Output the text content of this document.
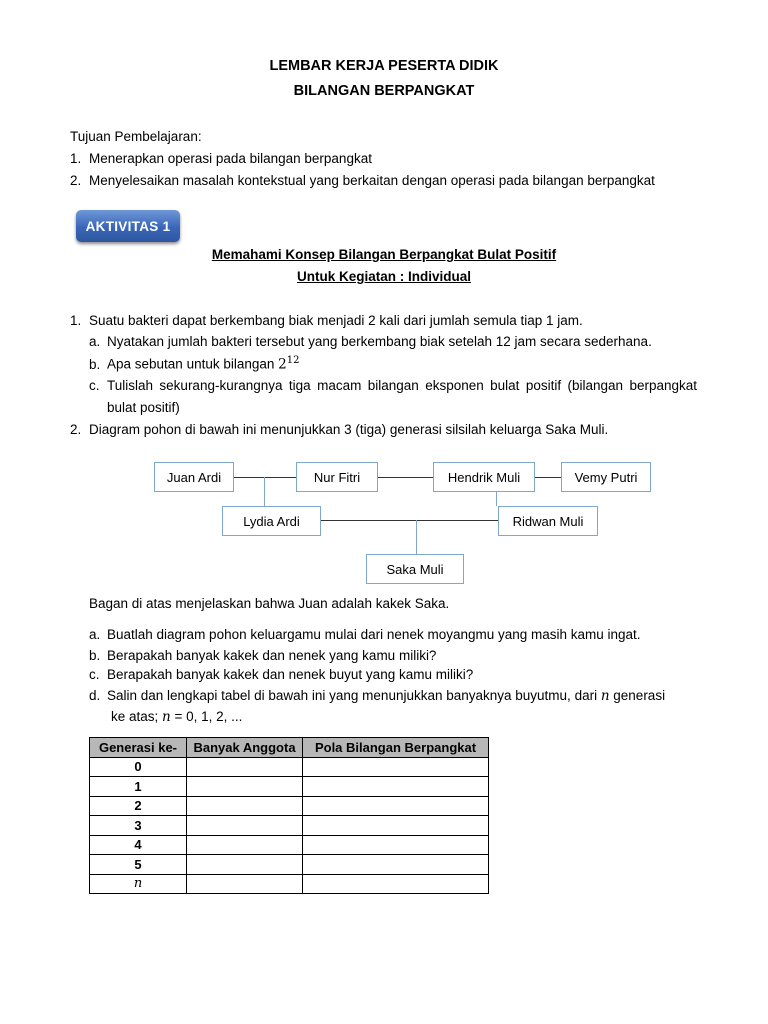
LEMBAR KERJA PESERTA DIDIK
BILANGAN BERPANGKAT
Tujuan Pembelajaran:
1. Menerapkan operasi pada bilangan berpangkat
2. Menyelesaikan masalah kontekstual yang berkaitan dengan operasi pada bilangan berpangkat
AKTIVITAS 1
Memahami Konsep Bilangan Berpangkat Bulat Positif
Untuk Kegiatan : Individual
1. Suatu bakteri dapat berkembang biak menjadi 2 kali dari jumlah semula tiap 1 jam.
a. Nyatakan jumlah bakteri tersebut yang berkembang biak setelah 12 jam secara sederhana.
b. Apa sebutan untuk bilangan $2^{12}$
c. Tulislah sekurang-kurangnya tiga macam bilangan eksponen bulat positif (bilangan berpangkat
bulat positif)
2. Diagram pohon di bawah ini menunjukkan 3 (tiga) generasi silsilah keluarga Saka Muli.
Juan Ardi	Nur Fitri	Hendrik Muli	Vemy Putri
Lydia Ardi	Ridwan Muli
Saka Muli
Bagan di atas menjelaskan bahwa Juan adalah kakek Saka.
a. Buatlah diagram pohon keluargamu mulai dari nenek moyangmu yang masih kamu ingat.
b. Berapakah banyak kakek dan nenek yang kamu miliki?
c. Berapakah banyak kakek dan nenek buyut yang kamu miliki?
d. Salin dan lengkapi tabel di bawah ini yang menunjukkan banyaknya buyutmu, dari n generasi
ke atas; n = 0, 1, 2, ...
Generasi ke-	Banyak Anggota	Pola Bilangan Berpangkat
0		
1		
2		
3		
4		
5		
n		
